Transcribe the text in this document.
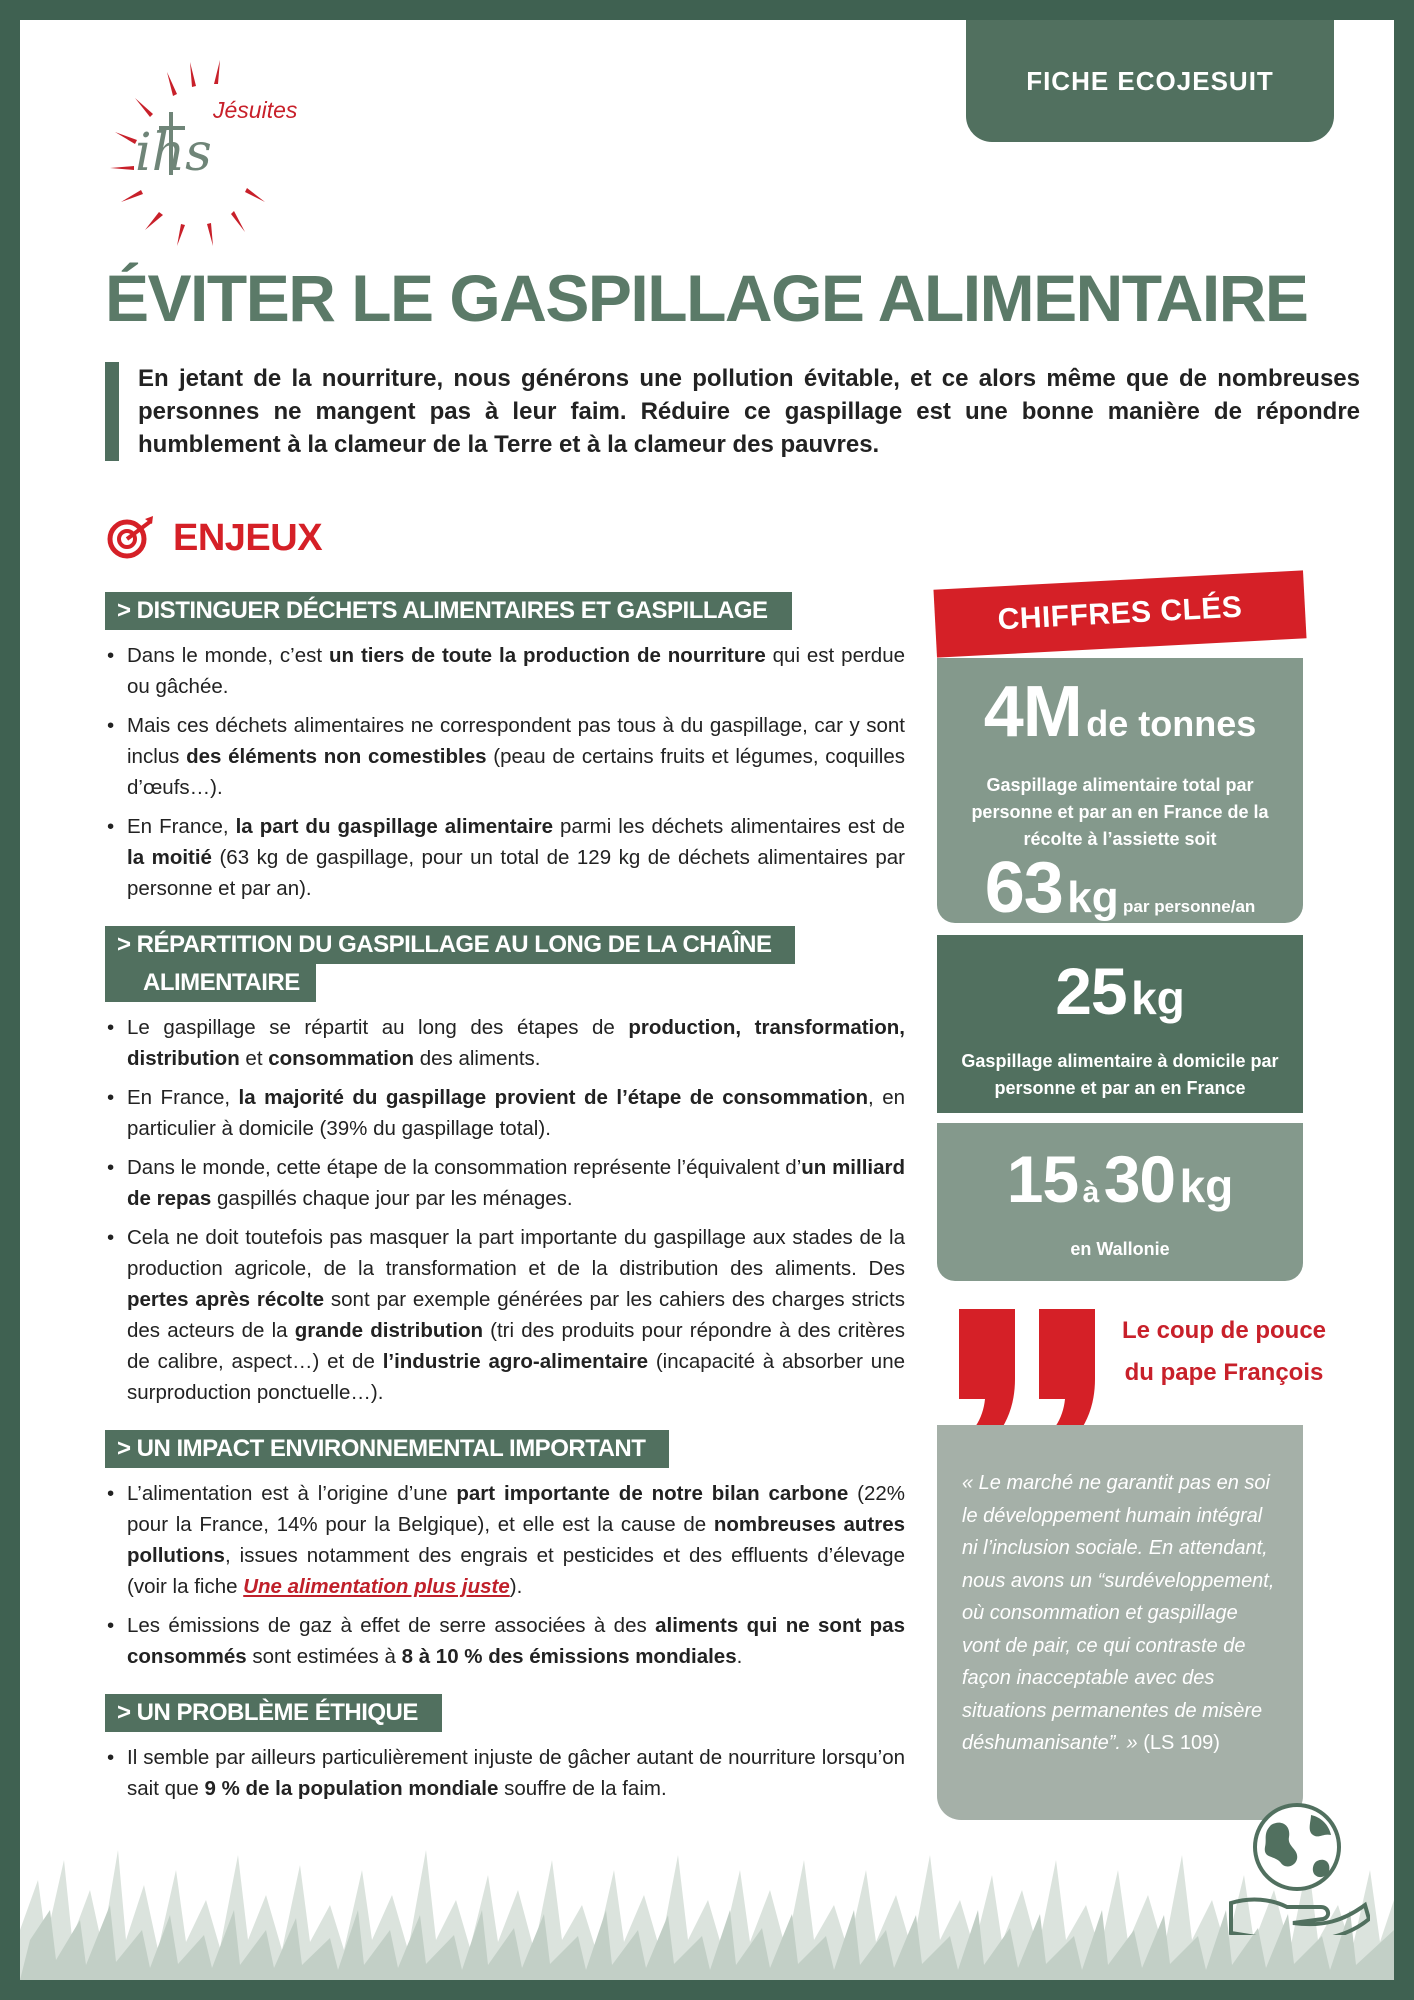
FICHE ECOJESUIT
Jésuites
ihs
ÉVITER LE GASPILLAGE ALIMENTAIRE
En jetant de la nourriture, nous générons une pollution évitable, et ce alors même que de nombreuses personnes ne mangent pas à leur faim. Réduire ce gaspillage est une bonne manière de répondre humblement à la clameur de la Terre et à la clameur des pauvres.
ENJEUX
> DISTINGUER DÉCHETS ALIMENTAIRES ET GASPILLAGE
• Dans le monde, c’est un tiers de toute la production de nourriture qui est perdue ou gâchée.
• Mais ces déchets alimentaires ne correspondent pas tous à du gaspillage, car y sont inclus des éléments non comestibles (peau de certains fruits et légumes, coquilles d’œufs…).
• En France, la part du gaspillage alimentaire parmi les déchets alimentaires est de la moitié (63 kg de gaspillage, pour un total de 129 kg de déchets alimentaires par personne et par an).
> RÉPARTITION DU GASPILLAGE AU LONG DE LA CHAÎNE
ALIMENTAIRE
• Le gaspillage se répartit au long des étapes de production, transformation, distribution et consommation des aliments.
• En France, la majorité du gaspillage provient de l’étape de consommation, en particulier à domicile (39% du gaspillage total).
• Dans le monde, cette étape de la consommation représente l’équivalent d’un milliard de repas gaspillés chaque jour par les ménages.
• Cela ne doit toutefois pas masquer la part importante du gaspillage aux stades de la production agricole, de la transformation et de la distribution des aliments. Des pertes après récolte sont par exemple générées par les cahiers des charges stricts des acteurs de la grande distribution (tri des produits pour répondre à des critères de calibre, aspect…) et de l’industrie agro-alimentaire (incapacité à absorber une surproduction ponctuelle…).
> UN IMPACT ENVIRONNEMENTAL IMPORTANT
• L’alimentation est à l’origine d’une part importante de notre bilan carbone (22% pour la France, 14% pour la Belgique), et elle est la cause de nombreuses autres pollutions, issues notamment des engrais et pesticides et des effluents d’élevage (voir la fiche Une alimentation plus juste).
• Les émissions de gaz à effet de serre associées à des aliments qui ne sont pas consommés sont estimées à 8 à 10 % des émissions mondiales.
> UN PROBLÈME ÉTHIQUE
• Il semble par ailleurs particulièrement injuste de gâcher autant de nourriture lorsqu’on sait que 9 % de la population mondiale souffre de la faim.
CHIFFRES CLÉS
4M de tonnes
Gaspillage alimentaire total par personne et par an en France de la récolte à l’assiette soit
63 kg par personne/an
25 kg
Gaspillage alimentaire à domicile par personne et par an en France
15 à 30 kg
en Wallonie
Le coup de pouce du pape François
« Le marché ne garantit pas en soi le développement humain intégral ni l’inclusion sociale. En attendant, nous avons un “surdéveloppement, où consommation et gaspillage vont de pair, ce qui contraste de façon inacceptable avec des situations permanentes de misère déshumanisante”. » (LS 109)
